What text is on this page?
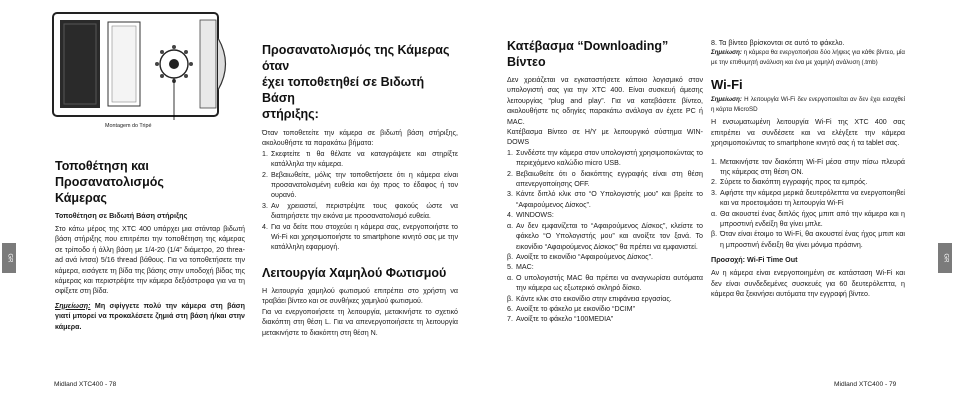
Montagem do Tripé
Τοποθέτηση και Προσανατολισμός
Κάμερας
Τοποθέτηση σε Βιδωτή Βάση στήριξης
Στο κάτω μέρος της XTC 400 υπάρχει μια στάνταρ βιδωτή βάση στήριξης που επιτρέπει την τοποθέτηση της κάμερας σε τρίποδο ή άλλη βάση με 1/4-20 (1/4” διάμετρο, 20 threa-ad ανά ίντσα) 5/16 thread βάθους. Για να τοποθετήσετε την κάμερα, εισάγετε τη βίδα της βάσης στην υποδοχή βίδας της κάμερας και περιστρέψτε την κάμερα δεξιόστροφα για να τη σφίξετε στη βίδα.
Σημείωση: Μη σφίγγετε πολύ την κάμερα στη βάση γιατί μπορεί να προκαλέσετε ζημιά στη βάση ή/και στην κάμερα.
Προσανατολισμός της Κάμερας όταν
έχει τοποθετηθεί σε Βιδωτή Βάση
στήριξης:
Όταν τοποθετείτε την κάμερα σε βιδωτή βάση στήριξης, ακολουθήστε τα παρακάτω βήματα:
1. Σκεφτείτε τι θα θέλατε να καταγράψετε και στηρίξτε κατάλληλα την κάμερα.
2. Βεβαιωθείτε, μόλις την τοποθετήσετε ότι η κάμερα είναι προσανατολισμένη ευθεία και όχι προς το έδαφος ή τον ουρανό.
3. Αν χρειαστεί, περιστρέψτε τους φακούς ώστε να διατηρήσετε την εικόνα με προσανατολισμό ευθεία.
4. Για να δείτε που στοχεύει η κάμερα σας, ενεργοποιήστε το Wi-Fi και χρησιμοποιήστε το smartphone κινητό σας με την κατάλληλη εφαρμογή.
Λειτουργία Χαμηλού Φωτισμού
Η λειτουργία χαμηλού φωτισμού επιτρέπει στο χρήστη να τραβάει βίντεο και σε συνθήκες χαμηλού φωτισμού.
Για να ενεργοποιήσετε τη λειτουργία, μετακινήστε το σχετικό διακόπτη στη θέση L. Για να απενεργοποιήσετε τη λειτουργία μετακινήστε το διακόπτη στη θέση N.
Midland XTC400 - 78
GR
Κατέβασμα “Downloading” Βίντεο
Δεν χρειάζεται να εγκαταστήσετε κάποιο λογισμικό στον υπολογιστή σας για την XTC 400. Είναι συσκευή άμεσης λειτουργίας “plug and play”. Για να κατεβάσετε βίντεο, ακολουθήστε τις οδηγίες παρακάτω ανάλογα αν έχετε PC ή MAC.
Κατέβασμα Βίντεο σε Η/Υ με λειτουργικό σύστημα WIN-DOWS
1. Συνδέστε την κάμερα στον υπολογιστή χρησιμοποιώντας το περιεχόμενο καλώδιο micro USB.
2. Βεβαιωθείτε ότι ο διακόπτης εγγραφής είναι στη θέση απενεργοποίησης OFF.
3. Κάντε διπλό κλικ στο “Ο Υπολογιστής μου” και βρείτε το “Αφαιρούμενος Δίσκος”.
4. WINDOWS:
α. Αν δεν εμφανίζεται το “Αφαιρούμενος Δίσκος”, κλείστε το φάκελο “Ο Υπολογιστής μου” και ανοίξτε τον ξανά. Το εικονίδιο “Αφαιρούμενος Δίσκος” θα πρέπει να εμφανιστεί.
β. Ανοίξτε το εικονίδιο “Αφαιρούμενος Δίσκος”.
5. MAC:
α. Ο υπολογιστής MAC θα πρέπει να αναγνωρίσει αυτόματα την κάμερα ως εξωτερικό σκληρό δίσκο.
β. Κάντε κλικ στο εικονίδιο στην επιφάνεια εργασίας.
6. Ανοίξτε το φάκελο με εικονίδιο “DCIM”
7. Ανοίξτε το φάκελο “100MEDIA”
8. Τα βίντεο βρίσκονται σε αυτό το φάκελο.
Σημείωση: η κάμερα θα ενεργοποιήσει δύο λήψεις για κάθε βίντεο, μία με την επιθυμητή ανάλυση και ένα με χαμηλή ανάλυση (.tmb)
Wi-Fi
Σημείωση: Η λειτουργία Wi-Fi δεν ενεργοποιείται αν δεν έχει εισαχθεί η κάρτα MicroSD
Η ενσωματωμένη λειτουργία Wi-Fi της XTC 400 σας επιτρέπει να συνδέσετε και να ελέγξετε την κάμερα χρησιμοποιώντας το smartphone κινητό σας ή τα tablet σας.
1. Μετακινήστε τον διακόπτη Wi-Fi μέσα στην πίσω πλευρά της κάμερας στη θέση ON.
2. Σύρετε το διακόπτη εγγραφής προς τα εμπρός.
3. Αφήστε την κάμερα μερικά δευτερόλεπτα να ενεργοποιηθεί και να προετοιμάσει τη λειτουργία Wi-Fi
α. Θα ακουστεί ένας διπλός ήχος μπιπ από την κάμερα και η μπροστινή ενδείξη θα γίνει μπλε.
β. Όταν είναι έτοιμο το Wi-Fi, θα ακουστεί ένας ήχος μπιπ και η μπροστινή ένδειξη θα γίνει μόνιμα πράσινη.
Προσοχή: Wi-Fi Time Out
Αν η κάμερα είναι ενεργοποιημένη σε κατάσταση Wi-Fi και δεν είναι συνδεδεμένες συσκευές για 60 δευτερόλεπτα, η κάμερα θα ξεκινήσει αυτόματα την εγγραφή βίντεο.
Midland XTC400 - 79
GR
